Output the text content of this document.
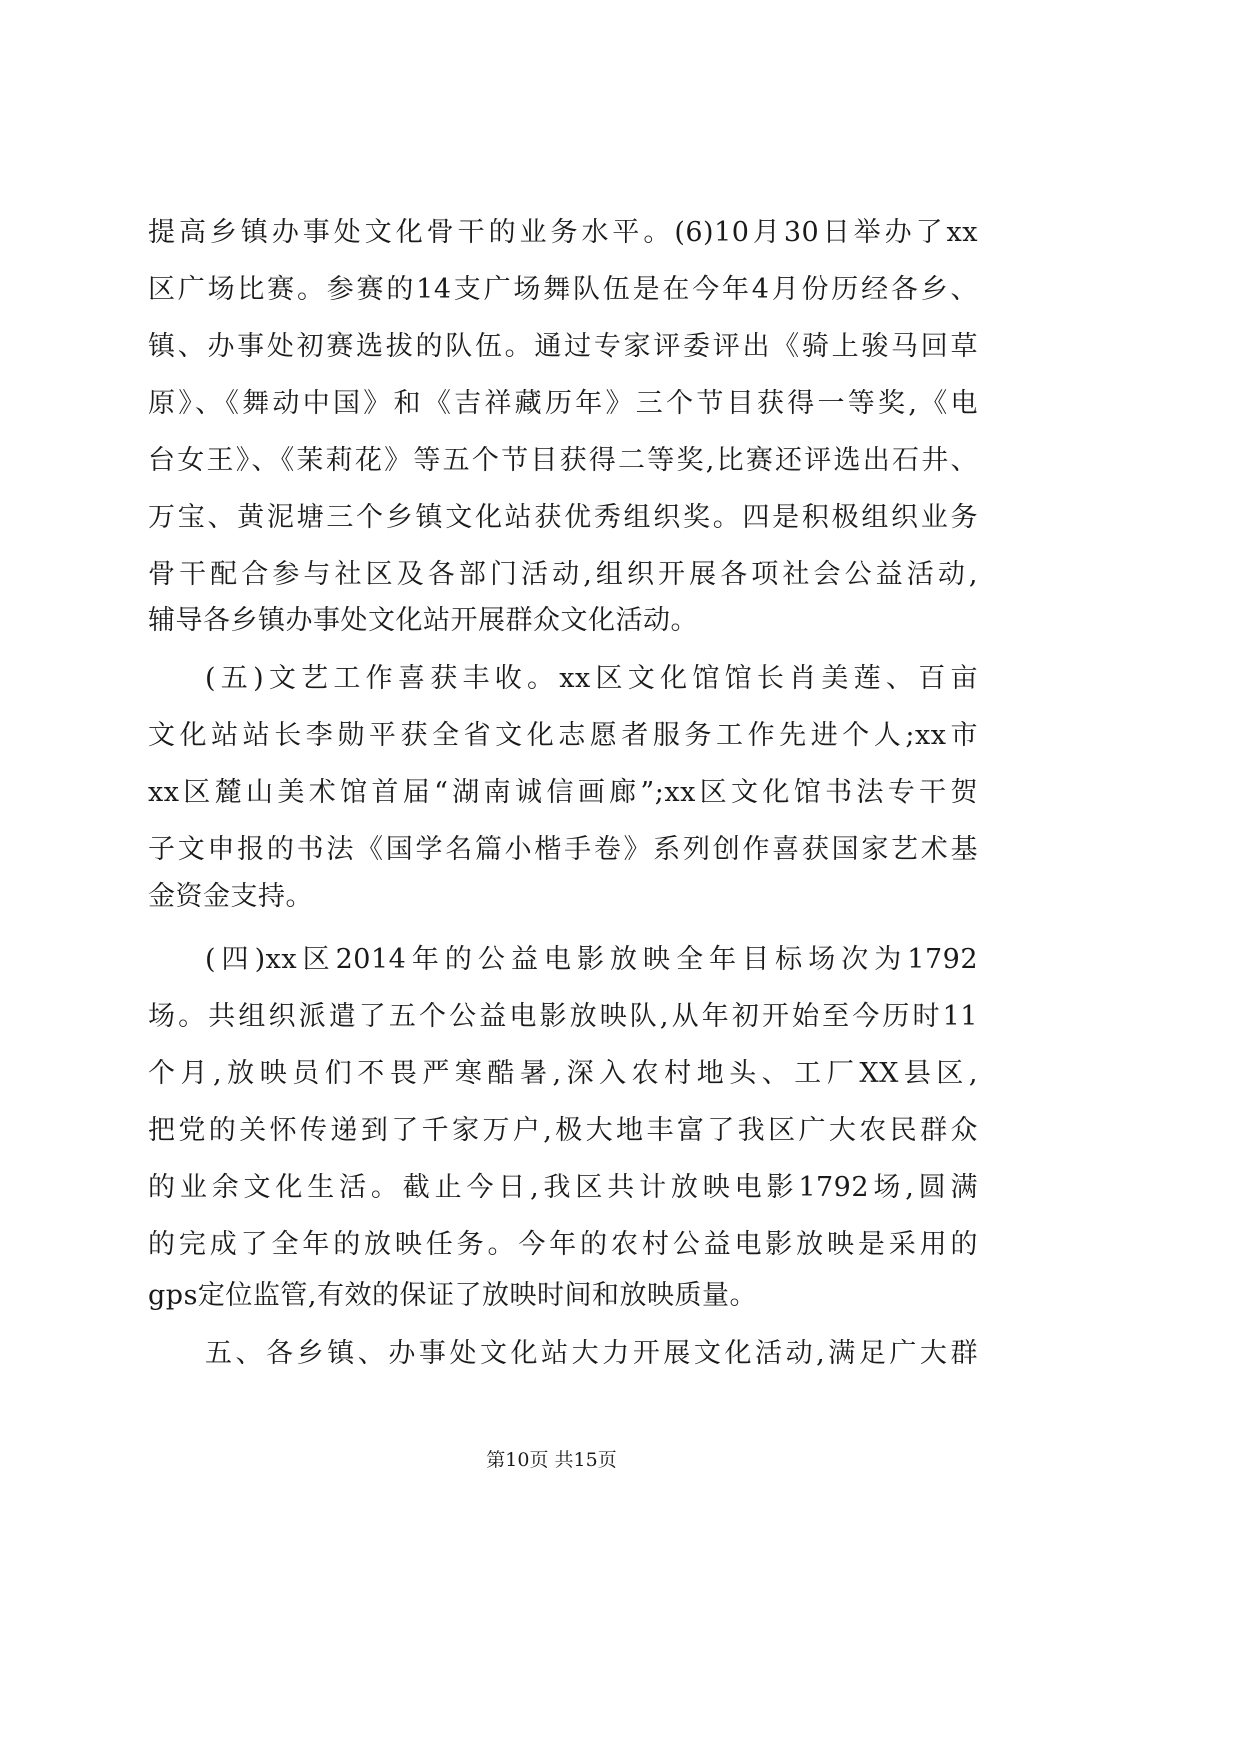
提高乡镇办事处文化骨干的业务水平。(6)10月30日举办了xx
区广场比赛。参赛的14支广场舞队伍是在今年4月份历经各乡、
镇、办事处初赛选拔的队伍。通过专家评委评出《骑上骏马回草
原》、《舞动中国》和《吉祥藏历年》三个节目获得一等奖,《电
台女王》、《茉莉花》等五个节目获得二等奖,比赛还评选出石井、
万宝、黄泥塘三个乡镇文化站获优秀组织奖。四是积极组织业务
骨干配合参与社区及各部门活动,组织开展各项社会公益活动,
辅导各乡镇办事处文化站开展群众文化活动。
(五)文艺工作喜获丰收。xx区文化馆馆长肖美莲、百亩
文化站站长李勋平获全省文化志愿者服务工作先进个人;xx市
xx区麓山美术馆首届“湖南诚信画廊”;xx区文化馆书法专干贺
子文申报的书法《国学名篇小楷手卷》系列创作喜获国家艺术基
金资金支持。
(四)xx区2014年的公益电影放映全年目标场次为1792
场。共组织派遣了五个公益电影放映队,从年初开始至今历时11
个月,放映员们不畏严寒酷暑,深入农村地头、工厂XX县区,
把党的关怀传递到了千家万户,极大地丰富了我区广大农民群众
的业余文化生活。截止今日,我区共计放映电影1792场,圆满
的完成了全年的放映任务。今年的农村公益电影放映是采用的
gps定位监管,有效的保证了放映时间和放映质量。
五、各乡镇、办事处文化站大力开展文化活动,满足广大群
第10页 共15页
